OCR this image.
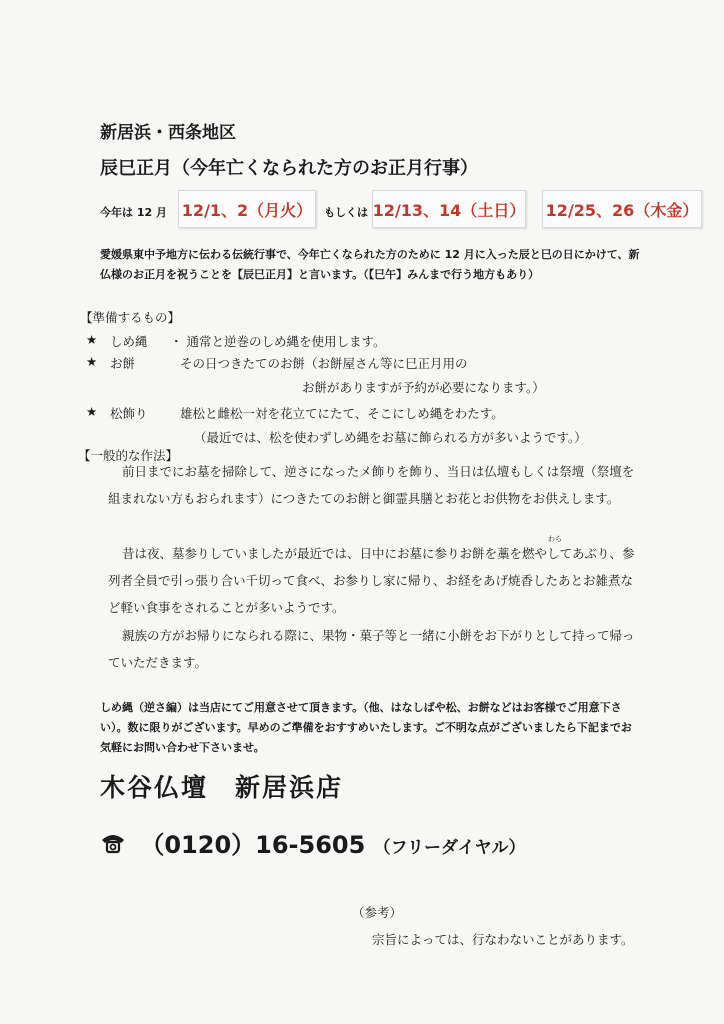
新居浜・西条地区
辰巳正月（今年亡くなられた方のお正月行事）
今年は 12 月 12/1、2（月火）	もしくは 12/13、14（土日） 12/25、26（木金）
愛媛県東中予地方に伝わる伝統行事で、今年亡くなられた方のために 12 月に入った辰と巳の日にかけて、新仏様のお正月を祝うことを【辰巳正月】と言います。（【巳午】みんまで行う地方もあり）
【準備するもの】
★ しめ縄 ・ 通常と逆巻のしめ縄を使用します。
★ お餅	その日つきたてのお餅（お餅屋さん等に巳正月用の
お餅がありますが予約が必要になります。）
★ 松飾り	雄松と雌松一対を花立てにたて、そこにしめ縄をわたす。
（最近では、松を使わずしめ縄をお墓に飾られる方が多いようです。）
【一般的な作法】
前日までにお墓を掃除して、逆さになったメ飾りを飾り、当日は仏壇もしくは祭壇（祭壇を組まれない方もおられます）につきたてのお餅と御霊具膳とお花とお供物をお供えします。
わら
昔は夜、墓参りしていましたが最近では、日中にお墓に参りお餅を藁を燃やしてあぶり、参列者全員で引っ張り合い千切って食べ、お参りし家に帰り、お経をあげ焼香したあとお雑煮など軽い食事をされることが多いようです。
親族の方がお帰りになられる際に、果物・菓子等と一緒に小餅をお下がりとして持って帰っていただきます。
しめ縄（逆さ編）は当店にてご用意させて頂きます。（他、はなしばや松、お餅などはお客様でご用意下さい）。数に限りがございます。早めのご準備をおすすめいたします。ご不明な点がございましたら下記までお気軽にお問い合わせ下さいませ。
木谷仏壇　新居浜店
（0120）16-5605 （フリーダイヤル）
（参考）
宗旨によっては、行なわないことがあります。
